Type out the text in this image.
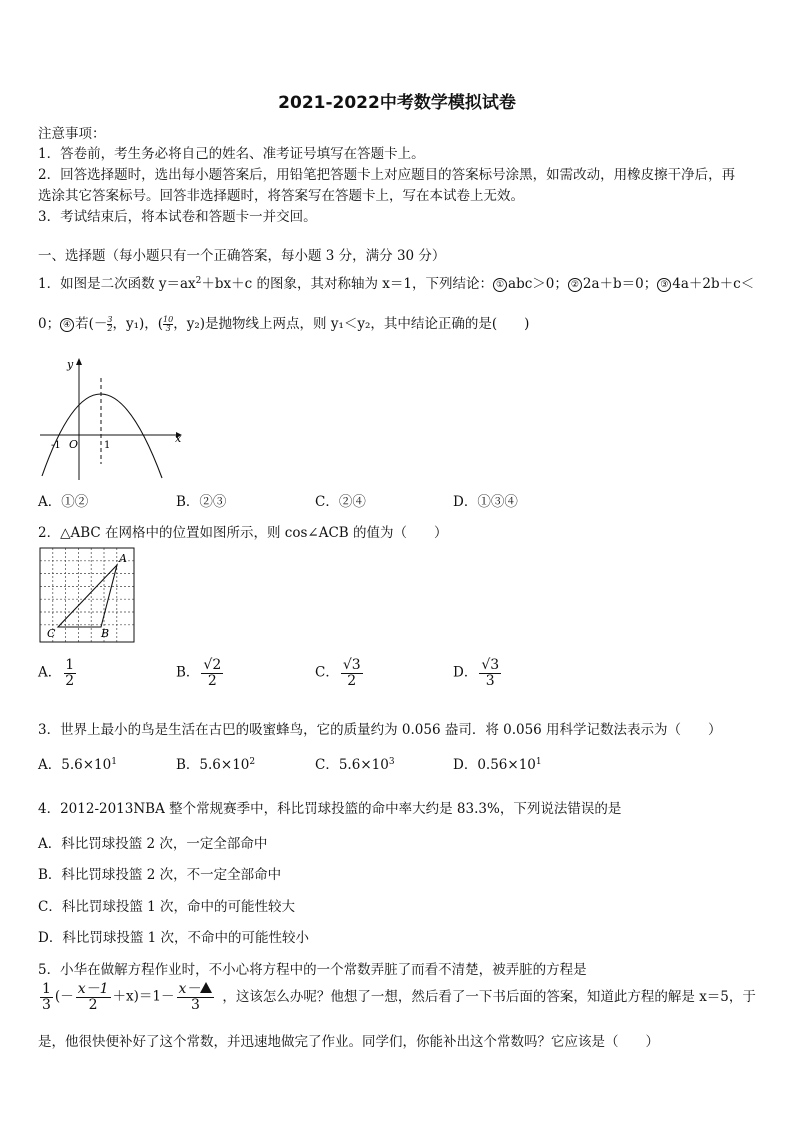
2021-2022中考数学模拟试卷
注意事项：
1．答卷前，考生务必将自己的姓名、准考证号填写在答题卡上。
2．回答选择题时，选出每小题答案后，用铅笔把答题卡上对应题目的答案标号涂黑，如需改动，用橡皮擦干净后，再
选涂其它答案标号。回答非选择题时，将答案写在答题卡上，写在本试卷上无效。
3．考试结束后，将本试卷和答题卡一并交回。
一、选择题（每小题只有一个正确答案，每小题 3 分，满分 30 分）
1．如图是二次函数 $y=ax^2+bx+c$ 的图象，其对称轴为 x＝1，下列结论： ① abc＞0； ② 2a＋b＝0； ③ 4a＋2b＋c＜
0； ④ 若(－ $\frac{3}{2}$ ，y₁)，( $\frac{10}{3}$ ，y₂)是抛物线上两点，则 y₁＜y₂，其中结论正确的是(　　)
y
x
O
-1	1
A．①②	B．②③	C．②④	D．①③④
2．△ABC 在网格中的位置如图所示，则 cos∠ACB 的值为（　　）
A
B
C
A． $\frac{1}{2}$	B． $\frac{√2}{2}$	C． $\frac{√3}{2}$	D． $\frac{√3}{3}$
3．世界上最小的鸟是生活在古巴的吸蜜蜂鸟，它的质量约为 0.056 盎司．将 0.056 用科学记数法表示为（　　）
A．$5.6\times 10^1$	B．$5.6\times 10^2$	C．$5.6\times 10^3$	D．$0.56\times 10^1$
4．2012-2013NBA 整个常规赛季中，科比罚球投篮的命中率大约是 83.3%，下列说法错误的是
A．科比罚球投篮 2 次，一定全部命中
B．科比罚球投篮 2 次，不一定全部命中
C．科比罚球投篮 1 次，命中的可能性较大
D．科比罚球投篮 1 次，不命中的可能性较小
5．小华在做解方程作业时，不小心将方程中的一个常数弄脏了而看不清楚，被弄脏的方程是
$\frac{1}{3}$ (－ $\frac{x-1}{2} +x)=1- \frac{x-}{3}$ ，这该怎么办呢？他想了一想，然后看了一下书后面的答案，知道此方程的解是 x＝5，于
是，他很快便补好了这个常数，并迅速地做完了作业。同学们，你能补出这个常数吗？它应该是（　　）
